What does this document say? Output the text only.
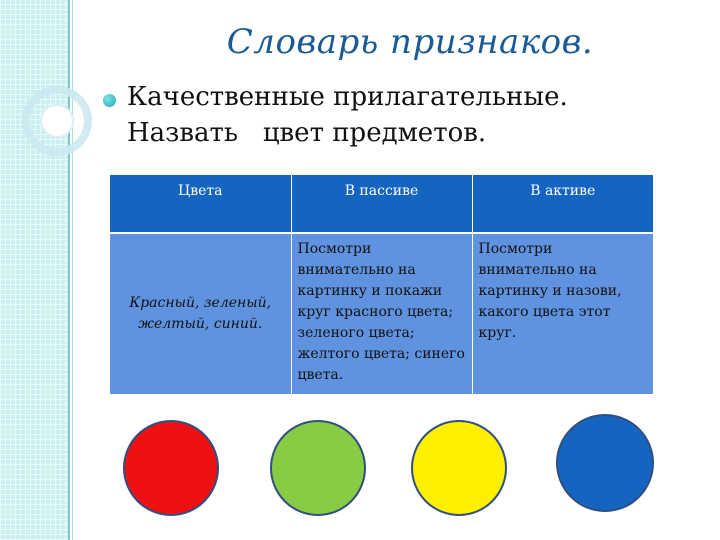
Словарь признаков.
Качественные прилагательные.
Назвать   цвет предметов.
Цвета	В пассиве	В активе

Красный, зеленый, желтый, синий.	Посмотри внимательно на картинку и покажи круг красного цвета; зеленого цвета; желтого цвета; синего цвета.	Посмотри внимательно на картинку и назови, какого цвета этот круг.
